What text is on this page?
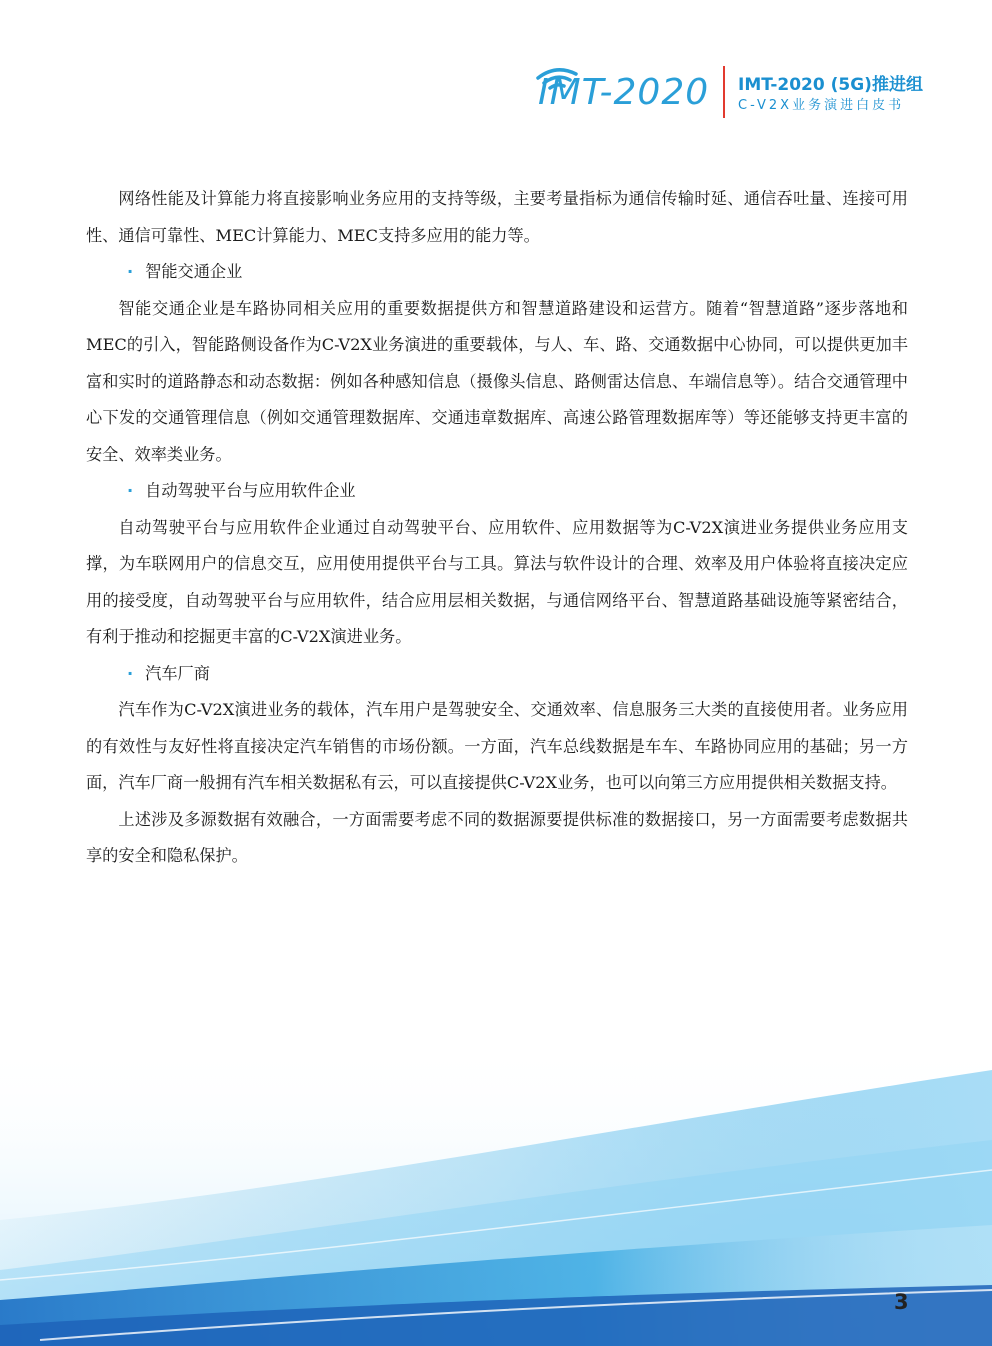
IMT-2020 IMT-2020 (5G)推进组
C-V2X业务演进白皮书

网络性能及计算能力将直接影响业务应用的支持等级，主要考量指标为通信传输时延、通信吞吐量、连接可用性、通信可靠性、MEC计算能力、MEC支持多应用的能力等。

· 智能交通企业

智能交通企业是车路协同相关应用的重要数据提供方和智慧道路建设和运营方。随着“智慧道路”逐步落地和MEC的引入，智能路侧设备作为C-V2X业务演进的重要载体，与人、车、路、交通数据中心协同，可以提供更加丰富和实时的道路静态和动态数据：例如各种感知信息（摄像头信息、路侧雷达信息、车端信息等）。结合交通管理中心下发的交通管理信息（例如交通管理数据库、交通违章数据库、高速公路管理数据库等）等还能够支持更丰富的安全、效率类业务。

· 自动驾驶平台与应用软件企业

自动驾驶平台与应用软件企业通过自动驾驶平台、应用软件、应用数据等为C-V2X演进业务提供业务应用支撑，为车联网用户的信息交互，应用使用提供平台与工具。算法与软件设计的合理、效率及用户体验将直接决定应用的接受度，自动驾驶平台与应用软件，结合应用层相关数据，与通信网络平台、智慧道路基础设施等紧密结合，有利于推动和挖掘更丰富的C-V2X演进业务。

· 汽车厂商

汽车作为C-V2X演进业务的载体，汽车用户是驾驶安全、交通效率、信息服务三大类的直接使用者。业务应用的有效性与友好性将直接决定汽车销售的市场份额。一方面，汽车总线数据是车车、车路协同应用的基础；另一方面，汽车厂商一般拥有汽车相关数据私有云，可以直接提供C-V2X业务，也可以向第三方应用提供相关数据支持。

上述涉及多源数据有效融合，一方面需要考虑不同的数据源要提供标准的数据接口，另一方面需要考虑数据共享的安全和隐私保护。

3
